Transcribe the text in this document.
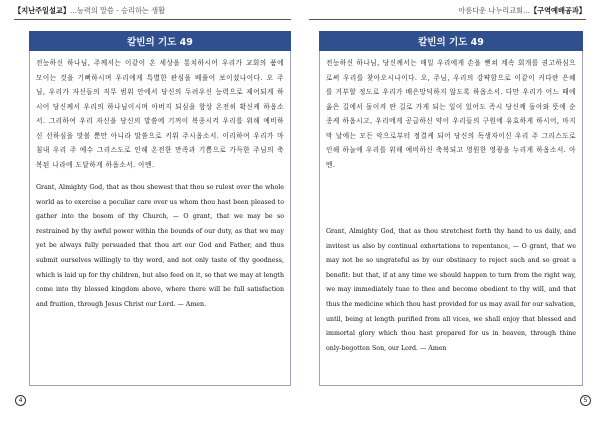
【지난주일설교】...능력의 말씀 - 승리하는 생활
칼빈의 기도 49
전능하신 하나님, 주께서는 이같이 온 세상을 통치하시어 우리가 교회의 품에 모이는 것을 기뻐하시며 우리에게 특별한 관심을 베풀어 보이셨나이다. 오 주님, 우리가 자신들의 직무 범위 안에서 당신의 두려우신 능력으로 제어되게 하시어 당신께서 우리의 하나님이시며 아버지 되심을 항상 온전히 확신케 하옵소서. 그리하여 우리 자신을 당신의 말씀에 기꺼이 복종시켜 우리를 위해 예비하신 선하심을 맛볼 뿐만 아니라 말씀으로 키워 주시옵소서. 이리하여 우리가 마침내 우리 주 예수 그리스도로 인해 온전한 만족과 기쁨으로 가득한 주님의 축복된 나라에 도달하게 하옵소서. 아멘.
Grant, Almighty God, that as thou shewest that thou so rulest over the whole world as to exercise a peculiar care over us whom thou hast been pleased to gather into the bosom of thy Church, — O grant, that we may be so restrained by thy awful power within the bounds of our duty, as that we may yet be always fully persuaded that thou art our God and Father, and thus submit ourselves willingly to thy word, and not only taste of thy goodness, which is laid up for thy children, but also feed on it, so that we may at length come into thy blessed kingdom above, where there will be full satisfaction and fruition, through Jesus Christ our Lord. — Amen.
4
아름다운 나누리교회...【구역예배공과】
칼빈의 기도 49
전능하신 하나님, 당신께서는 매일 우리에게 손을 뻗쳐 계속 회개를 권고하심으로써 우리를 찾아오시나이다. 오, 주님, 우리의 강퍅함으로 이같이 커다란 은혜를 거부할 정도로 우리가 배은망덕하지 않도록 하옵소서. 다만 우리가 어느 때에 옳은 길에서 돌이켜 딴 길로 가게 되는 일이 있어도 즉시 당신께 돌아와 뜻에 순종케 하옵시고, 우리에게 공급하신 약이 우리들의 구원에 유효하게 하시어, 마지막 날에는 모든 악으로부터 정결케 되어 당신의 독생자이신 우리 주 그리스도로 인해 하늘에 우리를 위해 예비하신 축복되고 영원한 영광을 누리게 하옵소서. 아멘.
Grant, Almighty God, that as thou stretchest forth thy hand to us daily, and invitest us also by continual exhortations to repentance, — O grant, that we may not be so ungrateful as by our obstinacy to reject such and so great a benefit: but that, if at any time we should happen to turn from the right way, we may immediately tuae to thee and become obedient to thy will, and that thus the medicine which thou hast provided for us may avail for our salvation, until, being at length purified from all vices, we shall enjoy that blessed and immortal glory which thou hast prepared for us in heaven, through thine only-begotten Son, our Lord. — Amen
5
